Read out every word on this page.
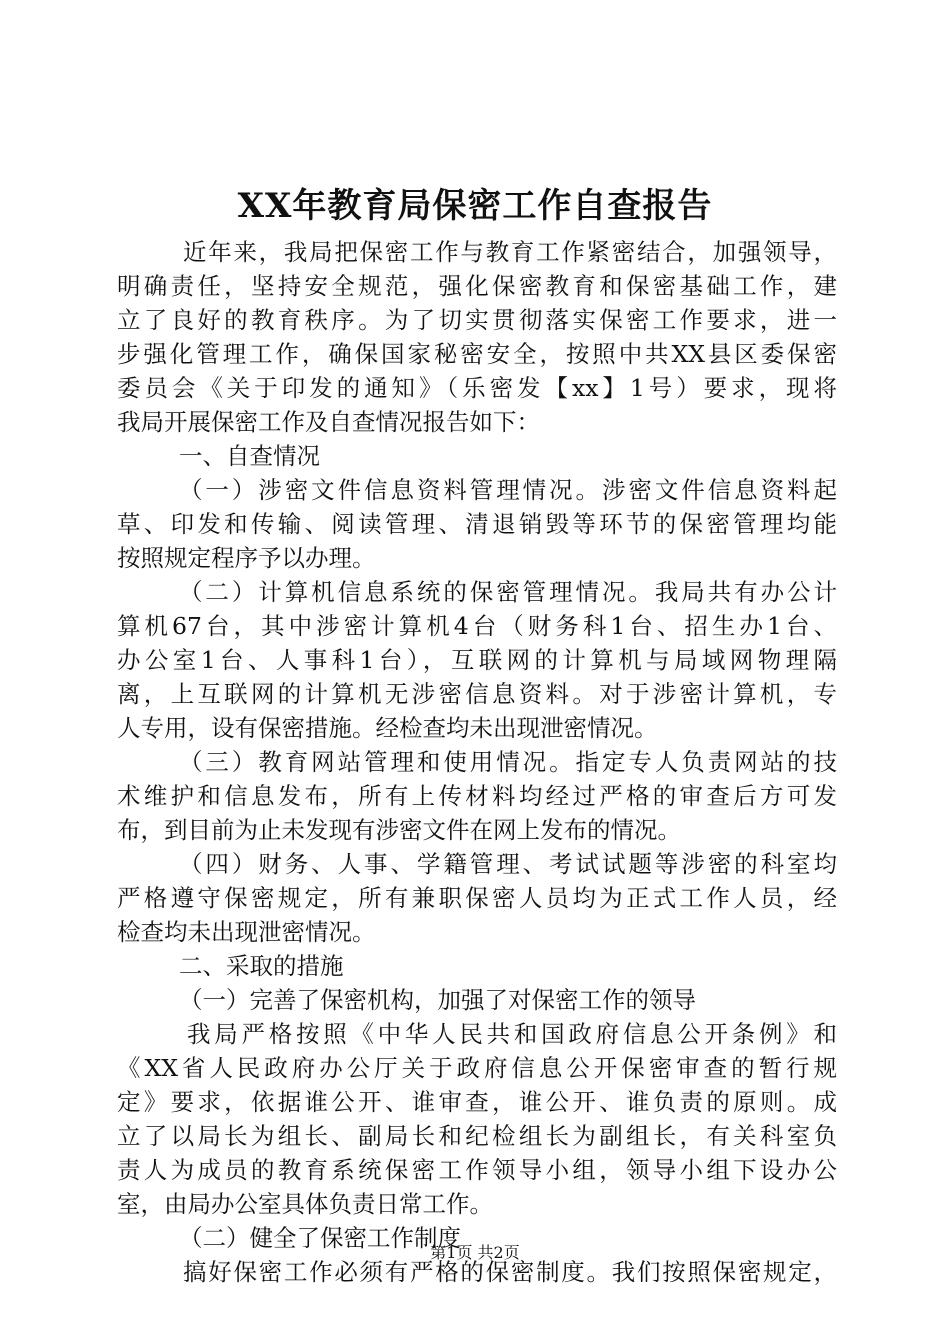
XX年教育局保密工作自查报告
近年来，我局把保密工作与教育工作紧密结合，加强领导，
明确责任，坚持安全规范，强化保密教育和保密基础工作，建
立了良好的教育秩序。为了切实贯彻落实保密工作要求，进一
步强化管理工作，确保国家秘密安全，按照中共XX县区委保密
委员会《关于印发的通知》（乐密发【xx】1号）要求，现将
我局开展保密工作及自查情况报告如下：
一、自查情况
（一）涉密文件信息资料管理情况。涉密文件信息资料起
草、印发和传输、阅读管理、清退销毁等环节的保密管理均能
按照规定程序予以办理。
（二）计算机信息系统的保密管理情况。我局共有办公计
算机67台，其中涉密计算机4台（财务科1台、招生办1台、
办公室1台、人事科1台），互联网的计算机与局域网物理隔
离，上互联网的计算机无涉密信息资料。对于涉密计算机，专
人专用，设有保密措施。经检查均未出现泄密情况。
（三）教育网站管理和使用情况。指定专人负责网站的技
术维护和信息发布，所有上传材料均经过严格的审查后方可发
布，到目前为止未发现有涉密文件在网上发布的情况。
（四）财务、人事、学籍管理、考试试题等涉密的科室均
严格遵守保密规定，所有兼职保密人员均为正式工作人员，经
检查均未出现泄密情况。
二、采取的措施
（一）完善了保密机构，加强了对保密工作的领导
我局严格按照《中华人民共和国政府信息公开条例》和
《XX省人民政府办公厅关于政府信息公开保密审查的暂行规
定》要求，依据谁公开、谁审查，谁公开、谁负责的原则。成
立了以局长为组长、副局长和纪检组长为副组长，有关科室负
责人为成员的教育系统保密工作领导小组，领导小组下设办公
室，由局办公室具体负责日常工作。
（二）健全了保密工作制度
搞好保密工作必须有严格的保密制度。我们按照保密规定，
第1页 共2页
